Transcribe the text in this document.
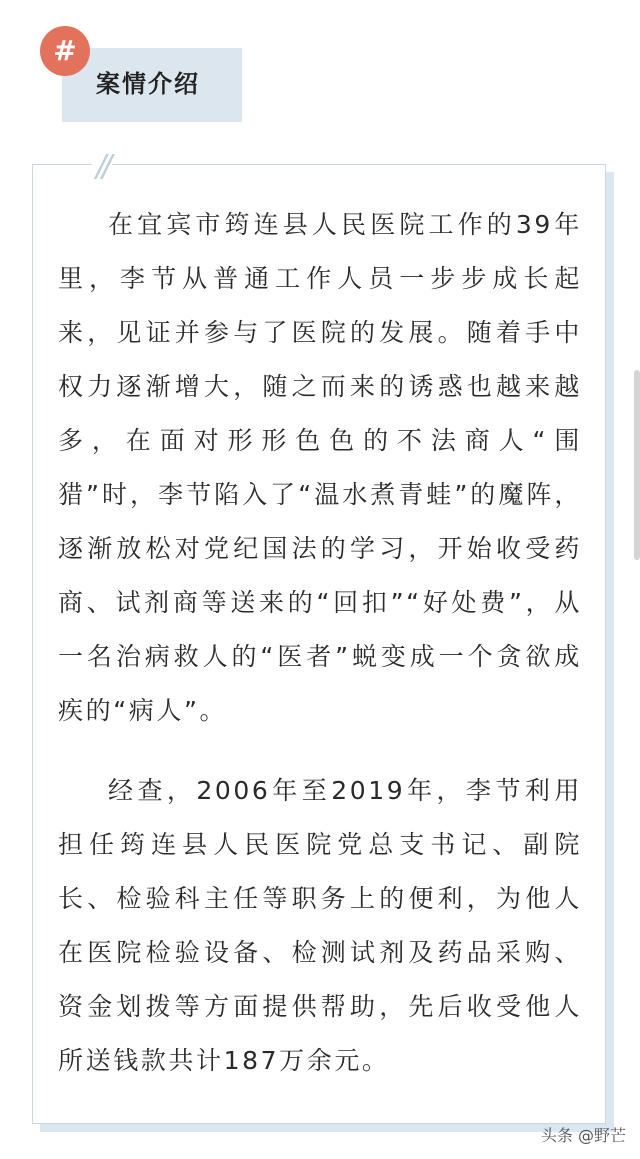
#
案情介绍
//

在宜宾市筠连县人民医院工作的39年里，李节从普通工作人员一步步成长起来，见证并参与了医院的发展。随着手中权力逐渐增大，随之而来的诱惑也越来越多，在面对形形色色的不法商人“围猎”时，李节陷入了“温水煮青蛙”的魔阵，逐渐放松对党纪国法的学习，开始收受药商、试剂商等送来的“回扣”“好处费”，从一名治病救人的“医者”蜕变成一个贪欲成疾的“病人”。

经查，2006年至2019年，李节利用担任筠连县人民医院党总支书记、副院长、检验科主任等职务上的便利，为他人在医院检验设备、检测试剂及药品采购、资金划拨等方面提供帮助，先后收受他人所送钱款共计187万余元。

头条 @野芒
